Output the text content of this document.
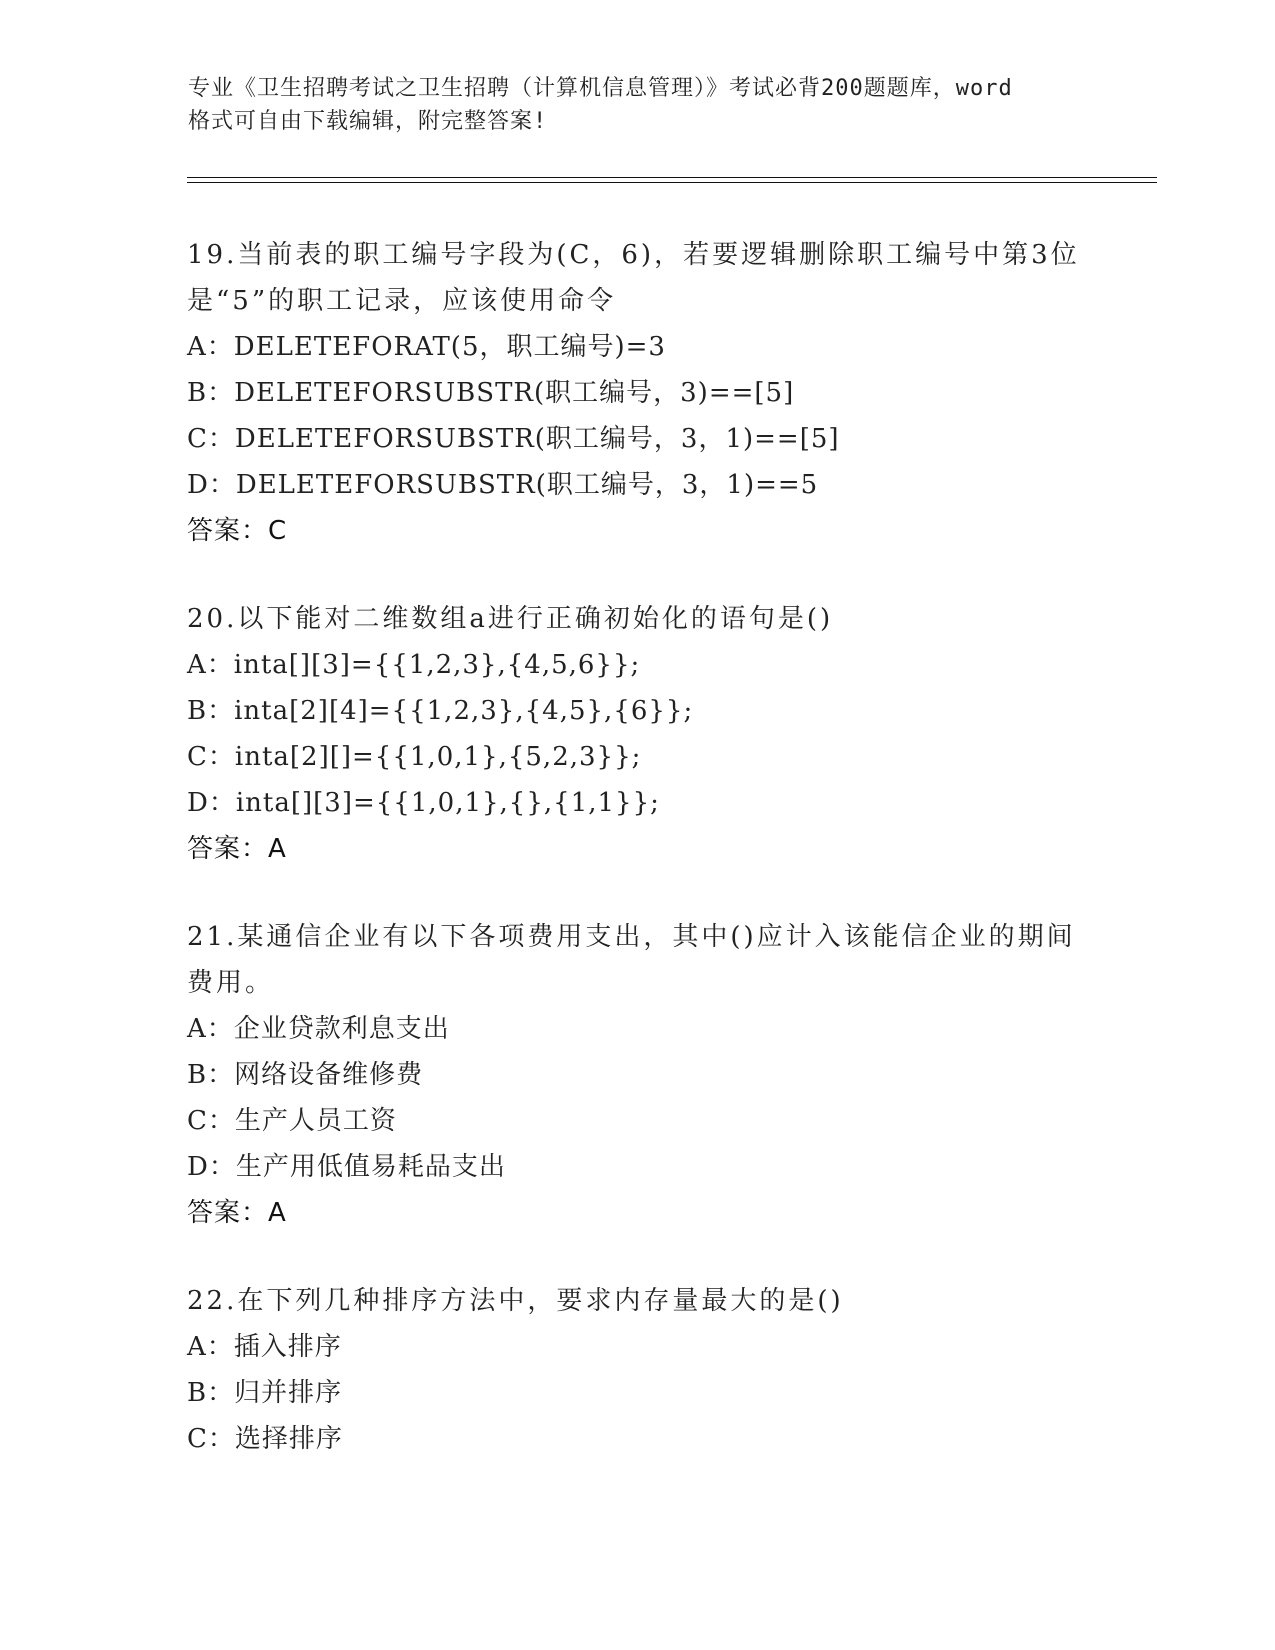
专业《卫生招聘考试之卫生招聘（计算机信息管理）》考试必背200题题库，word
格式可自由下载编辑，附完整答案!
19.当前表的职工编号字段为(C，6)，若要逻辑删除职工编号中第3位是“5”的职工记录，应该使用命令
A：DELETEFORAT(5，职工编号)=3
B：DELETEFORSUBSTR(职工编号，3)==[5]
C：DELETEFORSUBSTR(职工编号，3，1)==[5]
D：DELETEFORSUBSTR(职工编号，3，1)==5
答案：C
20.以下能对二维数组a进行正确初始化的语句是()
A：inta[][3]={{1,2,3},{4,5,6}};
B：inta[2][4]={{1,2,3},{4,5},{6}};
C：inta[2][]={{1,0,1},{5,2,3}};
D：inta[][3]={{1,0,1},{},{1,1}};
答案：A
21.某通信企业有以下各项费用支出，其中()应计入该能信企业的期间费用。
A：企业贷款利息支出
B：网络设备维修费
C：生产人员工资
D：生产用低值易耗品支出
答案：A
22.在下列几种排序方法中，要求内存量最大的是()
A：插入排序
B：归并排序
C：选择排序
